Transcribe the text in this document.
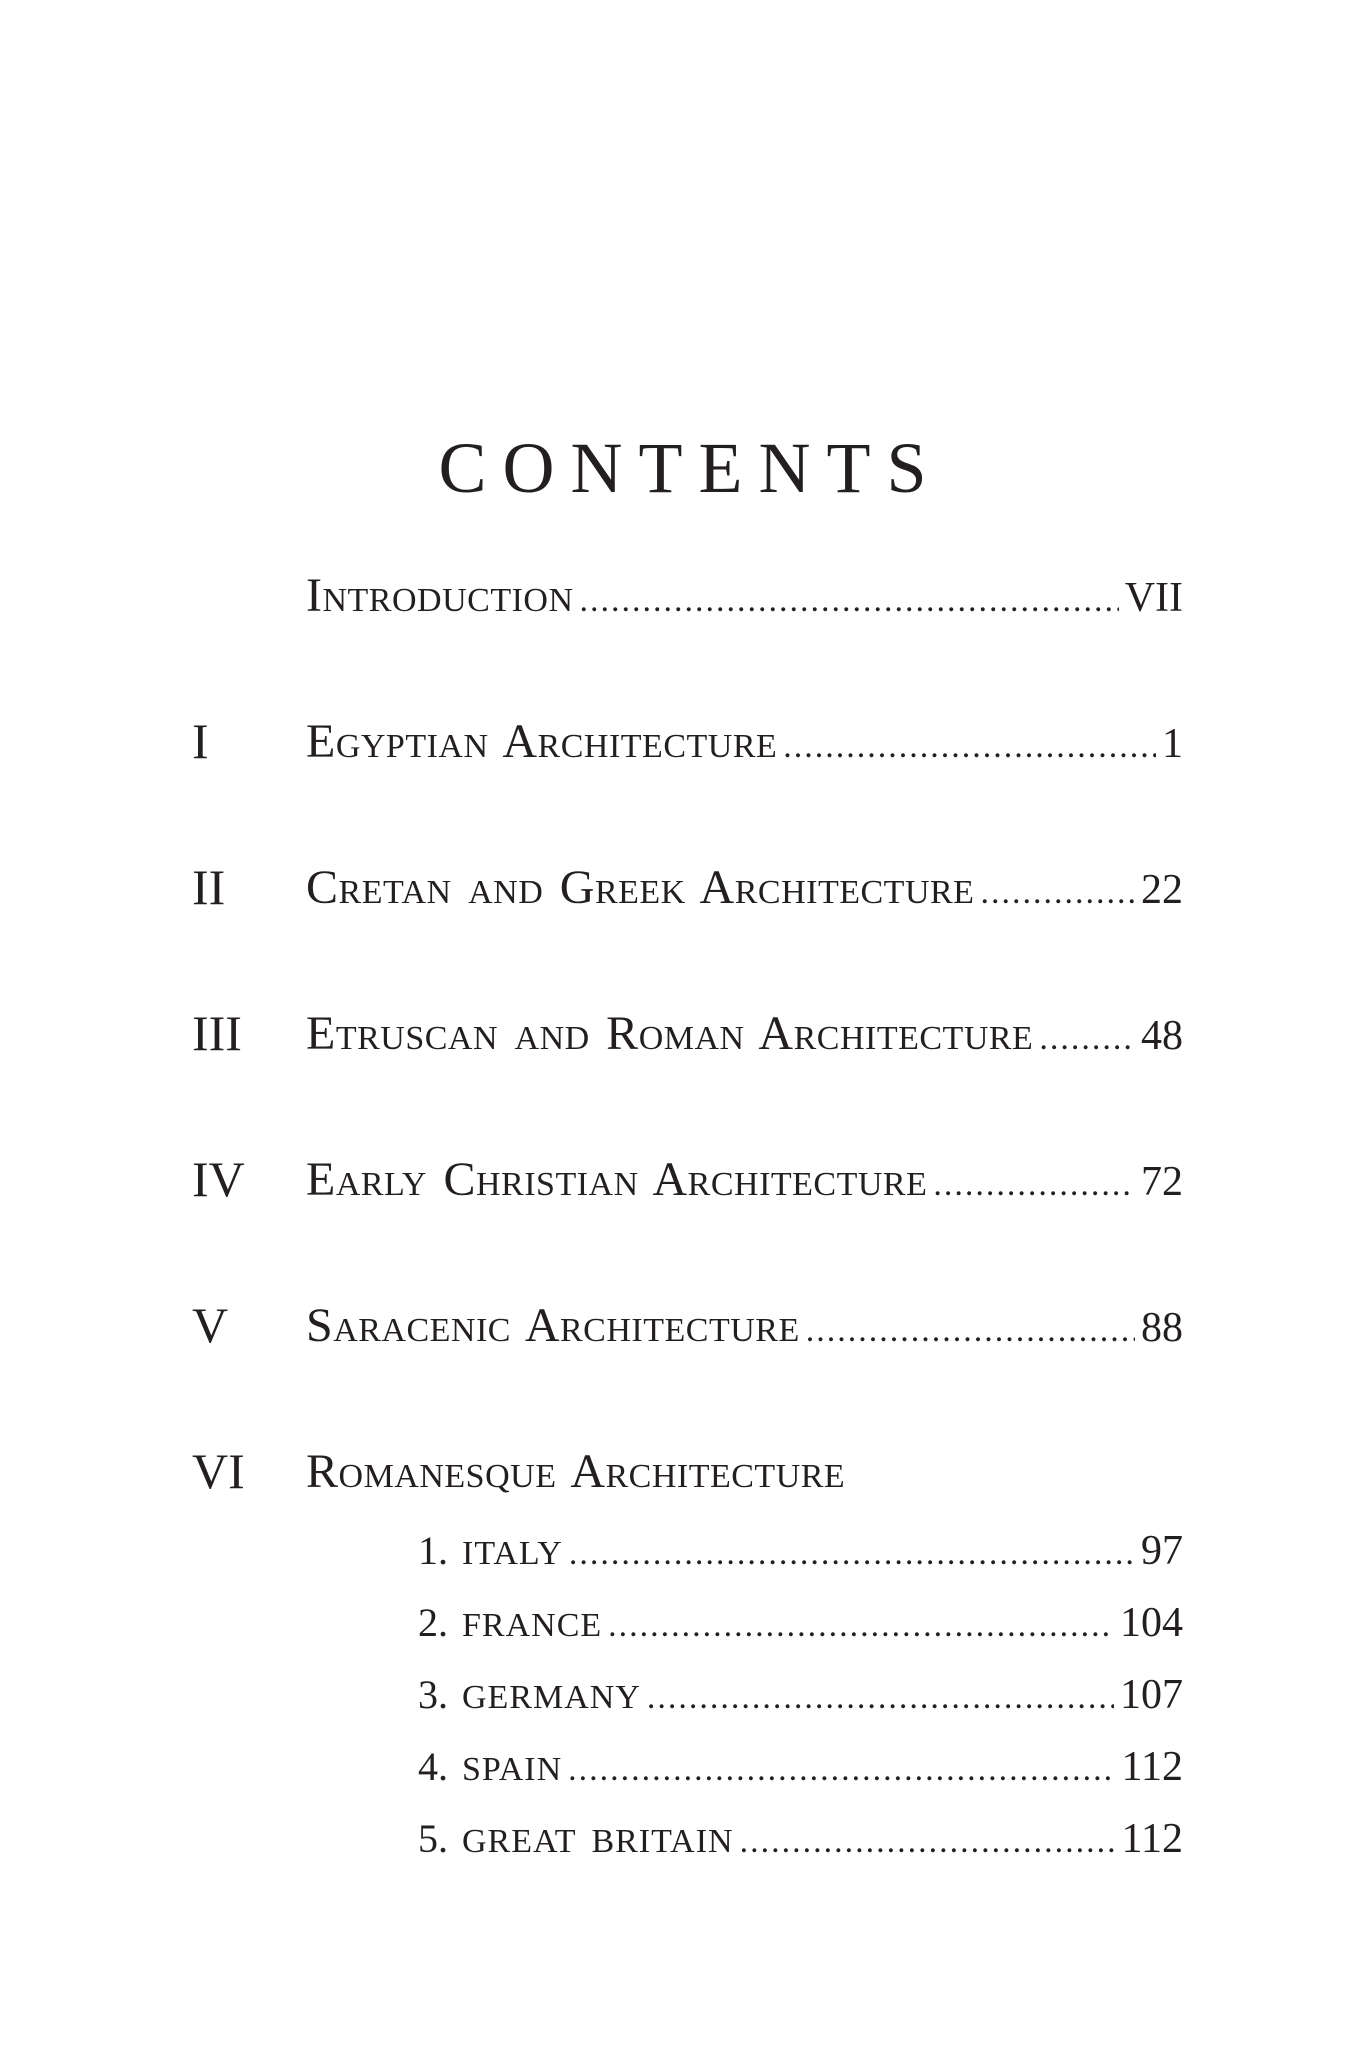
CONTENTS
Introduction .....	VII
I Egyptian Architecture .....	1
II Cretan and Greek Architecture .....	22
III Etruscan and Roman Architecture .....	48
IV Early Christian Architecture .....	72
V Saracenic Architecture .....	88
VI Romanesque Architecture
1. ITALY .....	97
2. FRANCE .....	104
3. GERMANY .....	107
4. SPAIN .....	112
5. GREAT BRITAIN .....	112
